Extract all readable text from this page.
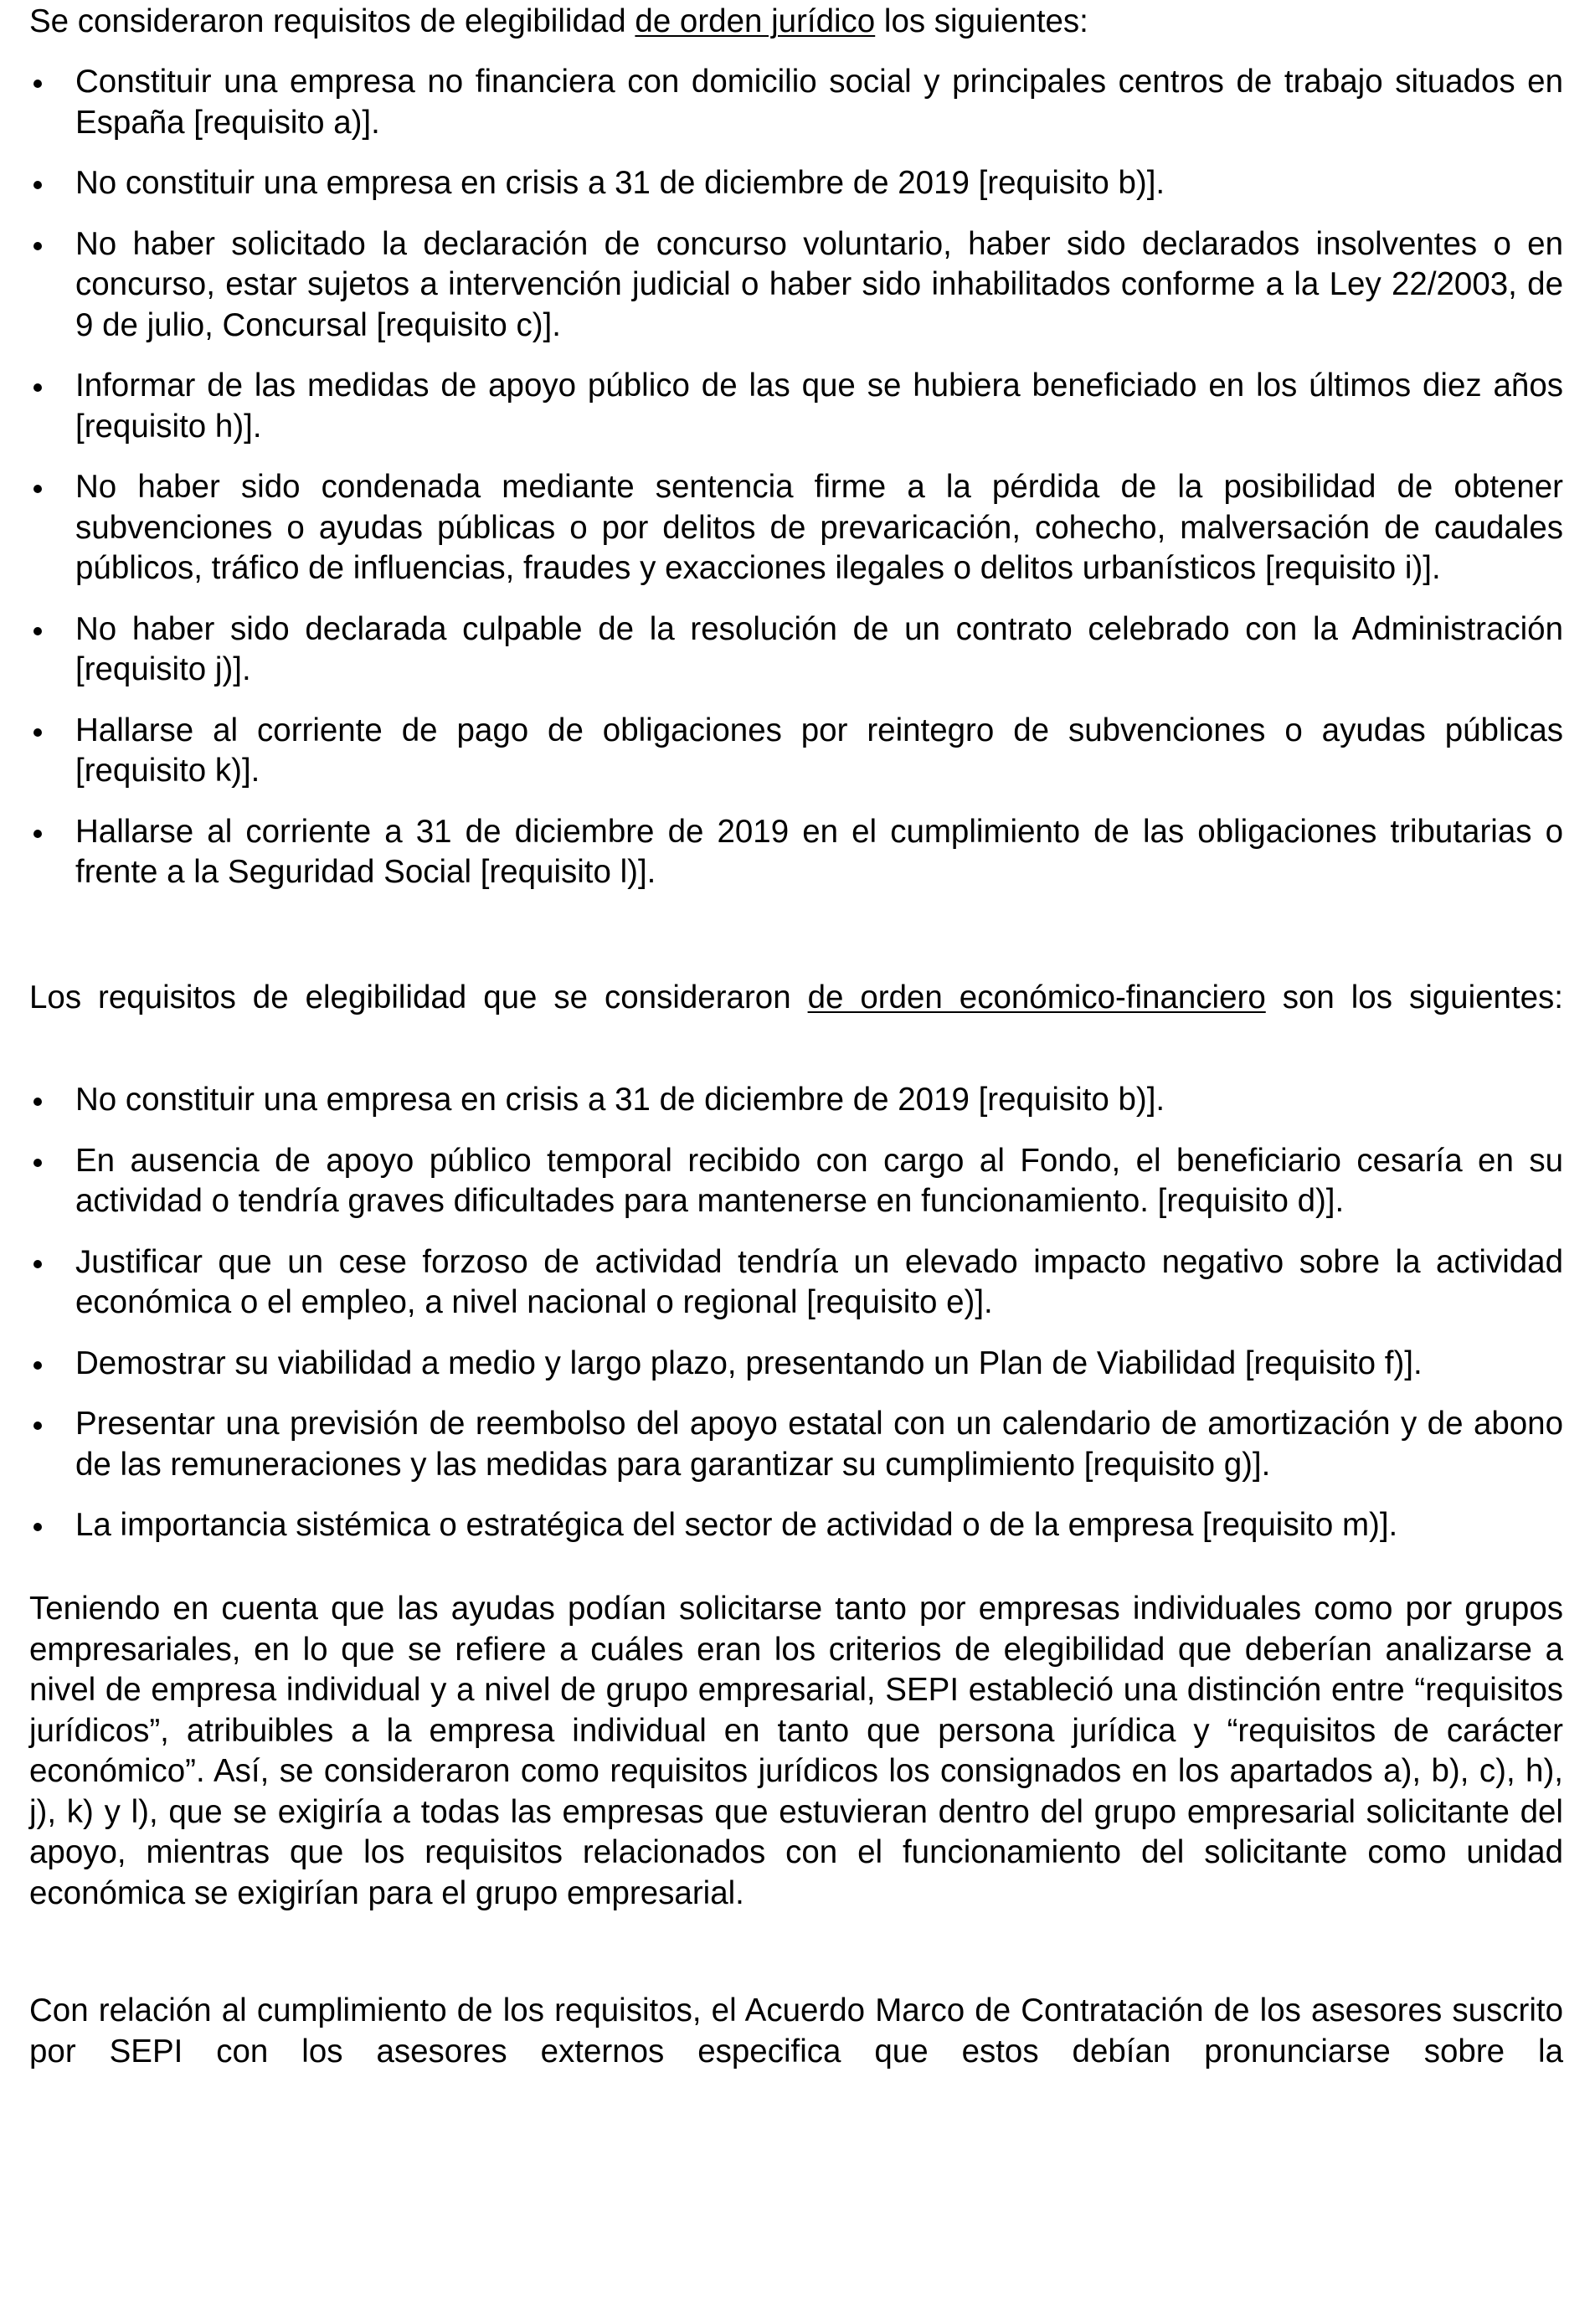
Se consideraron requisitos de elegibilidad de orden jurídico los siguientes:

Constituir una empresa no financiera con domicilio social y principales centros de trabajo situados en España [requisito a)].
No constituir una empresa en crisis a 31 de diciembre de 2019 [requisito b)].
No haber solicitado la declaración de concurso voluntario, haber sido declarados insolventes o en concurso, estar sujetos a intervención judicial o haber sido inhabilitados conforme a la Ley 22/2003, de 9 de julio, Concursal [requisito c)].
Informar de las medidas de apoyo público de las que se hubiera beneficiado en los últimos diez años [requisito h)].
No haber sido condenada mediante sentencia firme a la pérdida de la posibilidad de obtener subvenciones o ayudas públicas o por delitos de prevaricación, cohecho, malversación de caudales públicos, tráfico de influencias, fraudes y exacciones ilegales o delitos urbanísticos [requisito i)].
No haber sido declarada culpable de la resolución de un contrato celebrado con la Administración [requisito j)].
Hallarse al corriente de pago de obligaciones por reintegro de subvenciones o ayudas públicas [requisito k)].
Hallarse al corriente a 31 de diciembre de 2019 en el cumplimiento de las obligaciones tributarias o frente a la Seguridad Social [requisito l)].

Los requisitos de elegibilidad que se consideraron de orden económico-financiero son los siguientes:

No constituir una empresa en crisis a 31 de diciembre de 2019 [requisito b)].
En ausencia de apoyo público temporal recibido con cargo al Fondo, el beneficiario cesaría en su actividad o tendría graves dificultades para mantenerse en funcionamiento. [requisito d)].
Justificar que un cese forzoso de actividad tendría un elevado impacto negativo sobre la actividad económica o el empleo, a nivel nacional o regional [requisito e)].
Demostrar su viabilidad a medio y largo plazo, presentando un Plan de Viabilidad [requisito f)].
Presentar una previsión de reembolso del apoyo estatal con un calendario de amortización y de abono de las remuneraciones y las medidas para garantizar su cumplimiento [requisito g)].
La importancia sistémica o estratégica del sector de actividad o de la empresa [requisito m)].

Teniendo en cuenta que las ayudas podían solicitarse tanto por empresas individuales como por grupos empresariales, en lo que se refiere a cuáles eran los criterios de elegibilidad que deberían analizarse a nivel de empresa individual y a nivel de grupo empresarial, SEPI estableció una distinción entre “requisitos jurídicos”, atribuibles a la empresa individual en tanto que persona jurídica y “requisitos de carácter económico”. Así, se consideraron como requisitos jurídicos los consignados en los apartados a), b), c), h), j), k) y l), que se exigiría a todas las empresas que estuvieran dentro del grupo empresarial solicitante del apoyo, mientras que los requisitos relacionados con el funcionamiento del solicitante como unidad económica se exigirían para el grupo empresarial.

Con relación al cumplimiento de los requisitos, el Acuerdo Marco de Contratación de los asesores suscrito por SEPI con los asesores externos especifica que estos debían pronunciarse sobre la
